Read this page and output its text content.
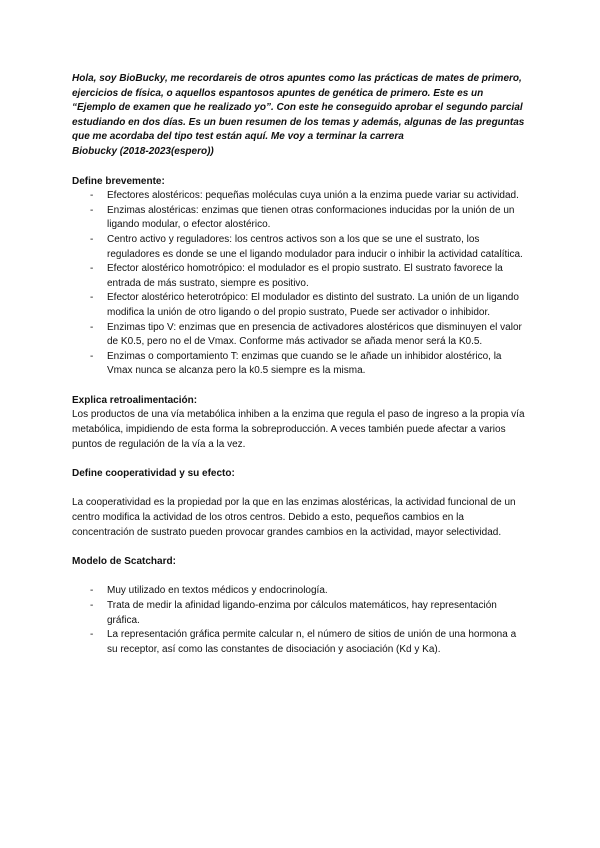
Hola, soy BioBucky, me recordareis de otros apuntes como las prácticas de mates de primero, ejercicios de física, o aquellos espantosos apuntes de genética de primero. Este es un “Ejemplo de examen que he realizado yo”. Con este he conseguido aprobar el segundo parcial estudiando en dos días. Es un buen resumen de los temas y además, algunas de las preguntas que me acordaba del tipo test están aquí. Me voy a terminar la carrera

Biobucky (2018-2023(espero))

Define brevemente:
- Efectores alostéricos: pequeñas moléculas cuya unión a la enzima puede variar su actividad.
- Enzimas alostéricas: enzimas que tienen otras conformaciones inducidas por la unión de un ligando modular, o efector alostérico.
- Centro activo y reguladores: los centros activos son a los que se une el sustrato, los reguladores es donde se une el ligando modulador para inducir o inhibir la actividad catalítica.
- Efector alostérico homotrópico: el modulador es el propio sustrato. El sustrato favorece la entrada de más sustrato, siempre es positivo.
- Efector alostérico heterotrópico: El modulador es distinto del sustrato. La unión de un ligando modifica la unión de otro ligando o del propio sustrato, Puede ser activador o inhibidor.
- Enzimas tipo V: enzimas que en presencia de activadores alostéricos que disminuyen el valor de K0.5, pero no el de Vmax. Conforme más activador se añada menor será la K0.5.
- Enzimas o comportamiento T: enzimas que cuando se le añade un inhibidor alostérico, la Vmax nunca se alcanza pero la k0.5 siempre es la misma.
Explica retroalimentación:

Los productos de una vía metabólica inhiben a la enzima que regula el paso de ingreso a la propia vía metabólica, impidiendo de esta forma la sobreproducción. A veces también puede afectar a varios puntos de regulación de la vía a la vez.

Define cooperatividad y su efecto:

La cooperatividad es la propiedad por la que en las enzimas alostéricas, la actividad funcional de un centro modifica la actividad de los otros centros. Debido a esto, pequeños cambios en la concentración de sustrato pueden provocar grandes cambios en la actividad, mayor selectividad.

Modelo de Scatchard:
- Muy utilizado en textos médicos y endocrinología.
- Trata de medir la afinidad ligando-enzima por cálculos matemáticos, hay representación gráfica.
- La representación gráfica permite calcular n, el número de sitios de unión de una hormona a su receptor, así como las constantes de disociación y asociación (Kd y Ka).
